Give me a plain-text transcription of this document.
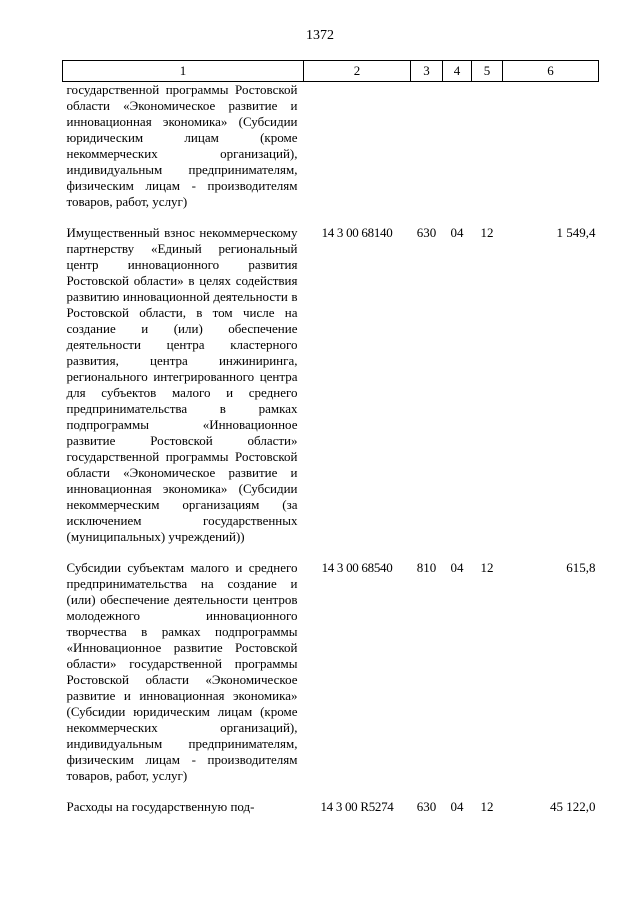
1372
1	2	3	4	5	6
государственной программы Ростовской области «Экономическое развитие и инновационная экономика» (Субсидии юридическим лицам (кроме некоммерческих организаций), индивидуальным предпринимателям, физическим лицам - производителям товаров, работ, услуг)					

Имущественный взнос некоммерческому партнерству «Единый региональный центр инновационного развития Ростовской области» в целях содействия развитию инновационной деятельности в Ростовской области, в том числе на создание и (или) обеспечение деятельности центра кластерного развития, центра инжиниринга, регионального интегрированного центра для субъектов малого и среднего предпринимательства в рамках подпрограммы «Инновационное развитие Ростовской области» государственной программы Ростовской области «Экономическое развитие и инновационная экономика» (Субсидии некоммерческим организациям (за исключением государственных (муниципальных) учреждений))	14 3 00 68140	630	04	12	1 549,4

Субсидии субъектам малого и среднего предпринимательства на создание и (или) обеспечение деятельности центров молодежного инновационного творчества в рамках подпрограммы «Инновационное развитие Ростовской области» государственной программы Ростовской области «Экономическое развитие и инновационная экономика» (Субсидии юридическим лицам (кроме некоммерческих организаций), индивидуальным предпринимателям, физическим лицам - производителям товаров, работ, услуг)	14 3 00 68540	810	04	12	615,8

Расходы на государственную под-	14 3 00 R5274	630	04	12	45 122,0
